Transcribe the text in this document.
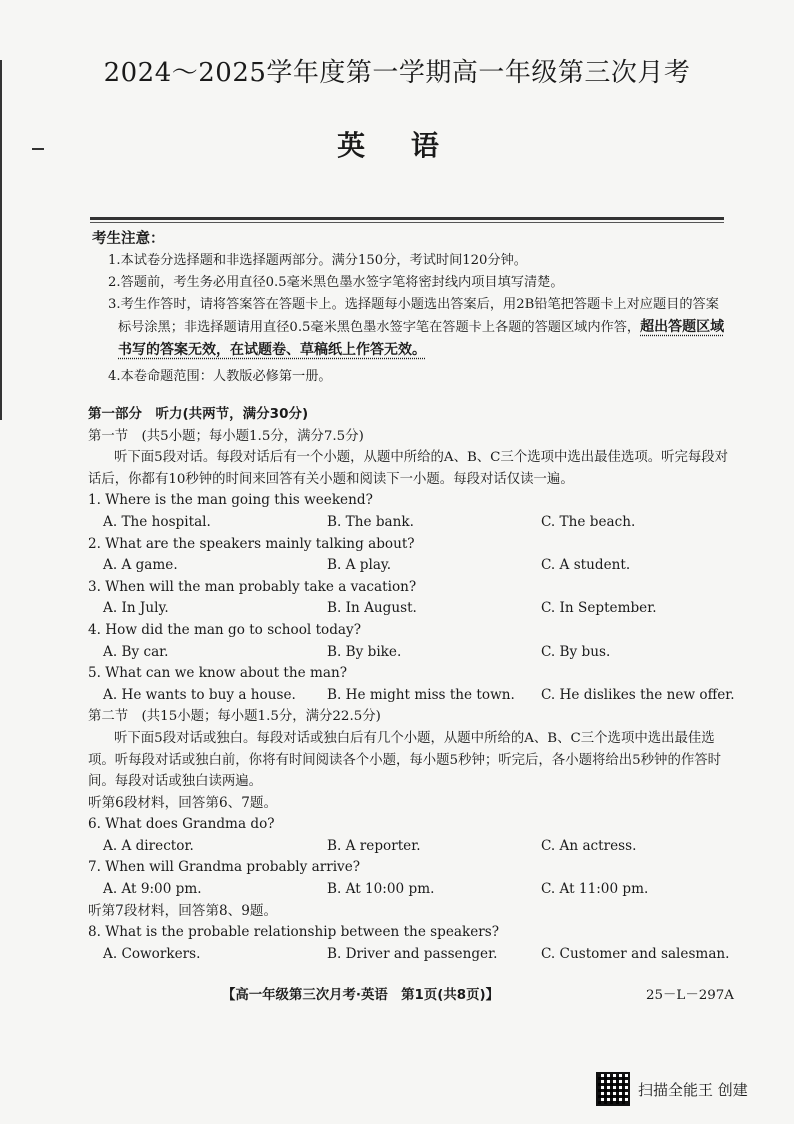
2024～2025学年度第一学期高一年级第三次月考
英 语
考生注意：
1.本试卷分选择题和非选择题两部分。满分150分，考试时间120分钟。
2.答题前，考生务必用直径0.5毫米黑色墨水签字笔将密封线内项目填写清楚。
3.考生作答时，请将答案答在答题卡上。选择题每小题选出答案后，用2B铅笔把答题卡上对应题目的答案标号涂黑；非选择题请用直径0.5毫米黑色墨水签字笔在答题卡上各题的答题区域内作答，超出答题区域书写的答案无效，在试题卷、草稿纸上作答无效。
4.本卷命题范围：人教版必修第一册。
第一部分　听力(共两节，满分30分)
第一节　(共5小题；每小题1.5分，满分7.5分)
听下面5段对话。每段对话后有一个小题，从题中所给的A、B、C三个选项中选出最佳选项。听完每段对话后，你都有10秒钟的时间来回答有关小题和阅读下一小题。每段对话仅读一遍。
1. Where is the man going this weekend?
A. The hospital.	B. The bank.	C. The beach.
2. What are the speakers mainly talking about?
A. A game.	B. A play.	C. A student.
3. When will the man probably take a vacation?
A. In July.	B. In August.	C. In September.
4. How did the man go to school today?
A. By car.	B. By bike.	C. By bus.
5. What can we know about the man?
A. He wants to buy a house.	B. He might miss the town.	C. He dislikes the new offer.
第二节　(共15小题；每小题1.5分，满分22.5分)
听下面5段对话或独白。每段对话或独白后有几个小题，从题中所给的A、B、C三个选项中选出最佳选项。听每段对话或独白前，你将有时间阅读各个小题，每小题5秒钟；听完后，各小题将给出5秒钟的作答时间。每段对话或独白读两遍。
听第6段材料，回答第6、7题。
6. What does Grandma do?
A. A director.	B. A reporter.	C. An actress.
7. When will Grandma probably arrive?
A. At 9:00 pm.	B. At 10:00 pm.	C. At 11:00 pm.
听第7段材料，回答第8、9题。
8. What is the probable relationship between the speakers?
A. Coworkers.	B. Driver and passenger.	C. Customer and salesman.
【高一年级第三次月考·英语　第1页(共8页)】	25－L－297A
扫描全能王 创建
